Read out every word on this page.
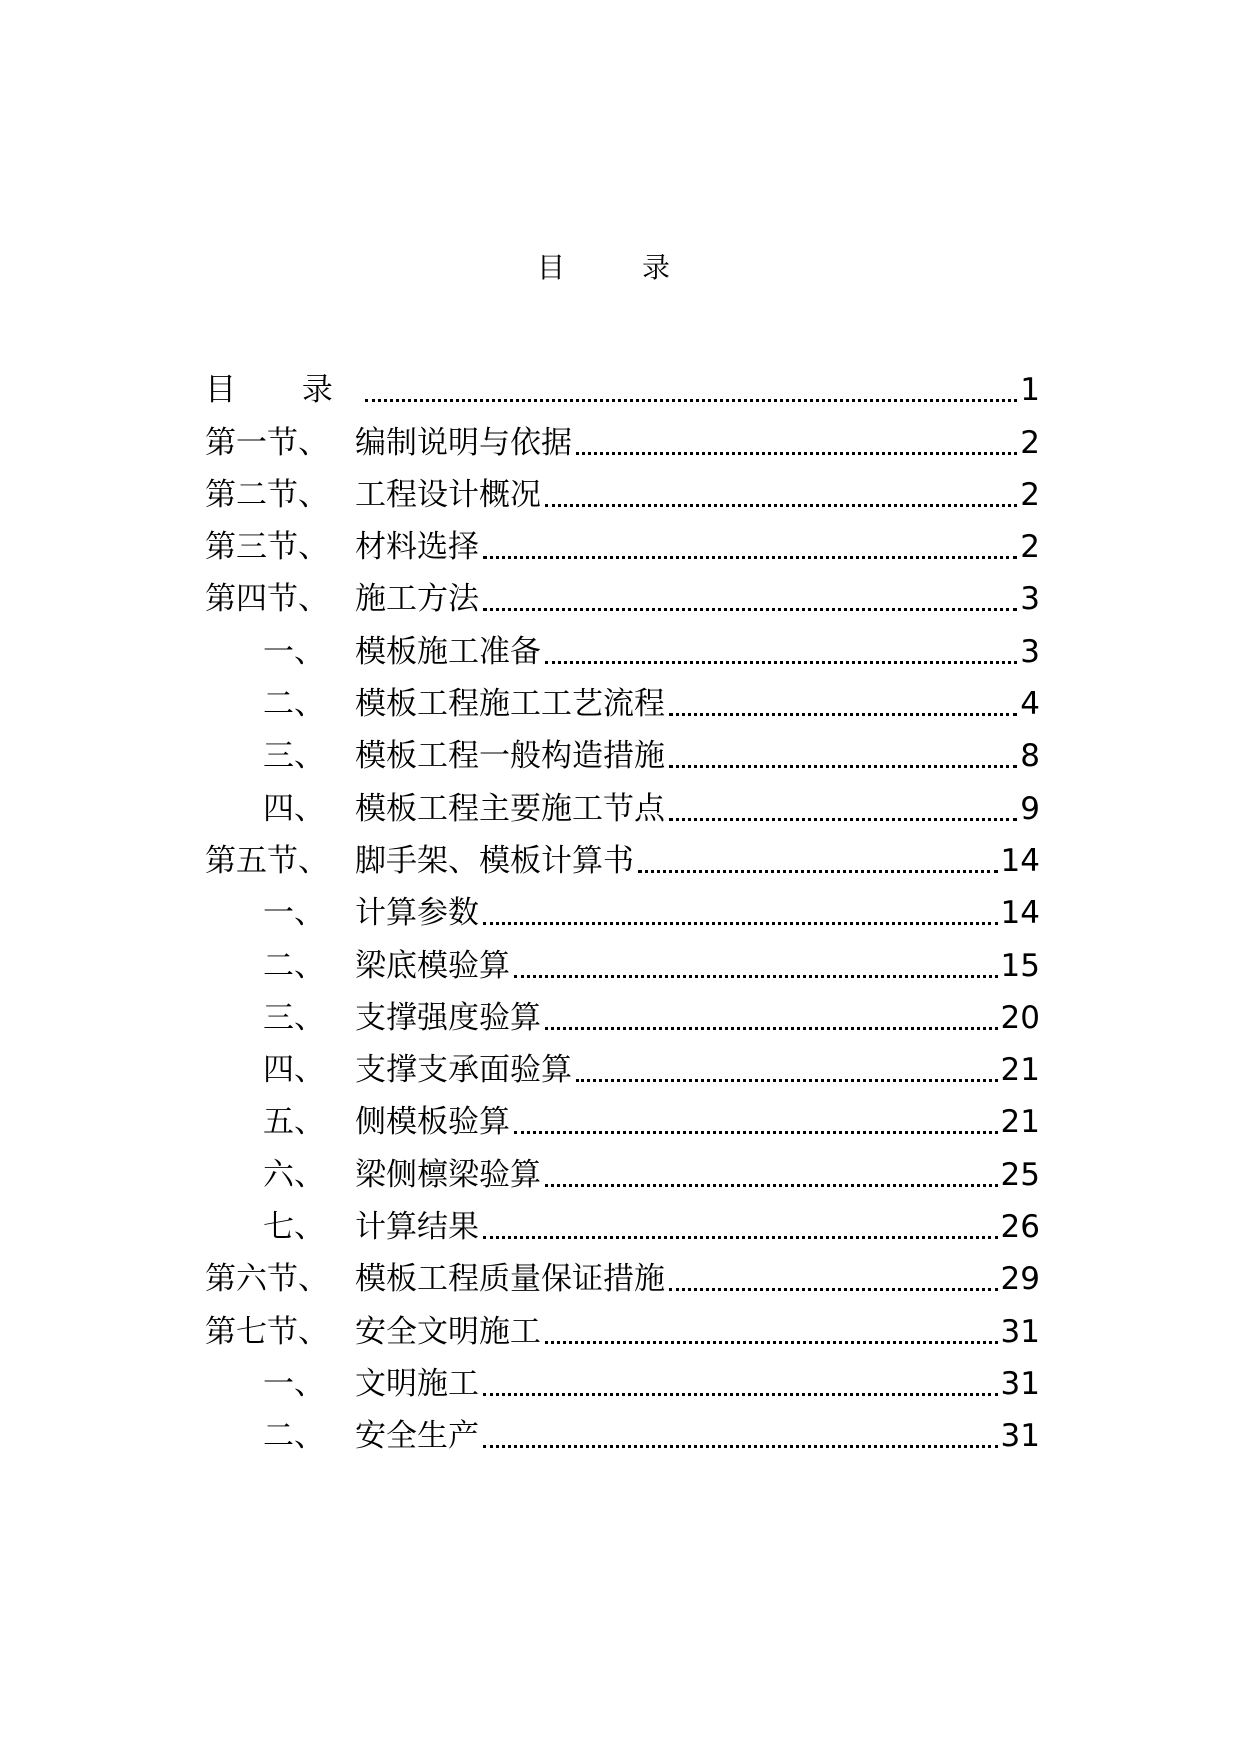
目 录
目 录	1
第一节、 编制说明与依据	2
第二节、 工程设计概况	2
第三节、 材料选择	2
第四节、 施工方法	3
一、 模板施工准备	3
二、 模板工程施工工艺流程	4
三、 模板工程一般构造措施	8
四、 模板工程主要施工节点	9
第五节、 脚手架、模板计算书	14
一、 计算参数	14
二、 梁底模验算	15
三、 支撑强度验算	20
四、 支撑支承面验算	21
五、 侧模板验算	21
六、 梁侧檩梁验算	25
七、 计算结果	26
第六节、 模板工程质量保证措施	29
第七节、 安全文明施工	31
一、 文明施工	31
二、 安全生产	31
